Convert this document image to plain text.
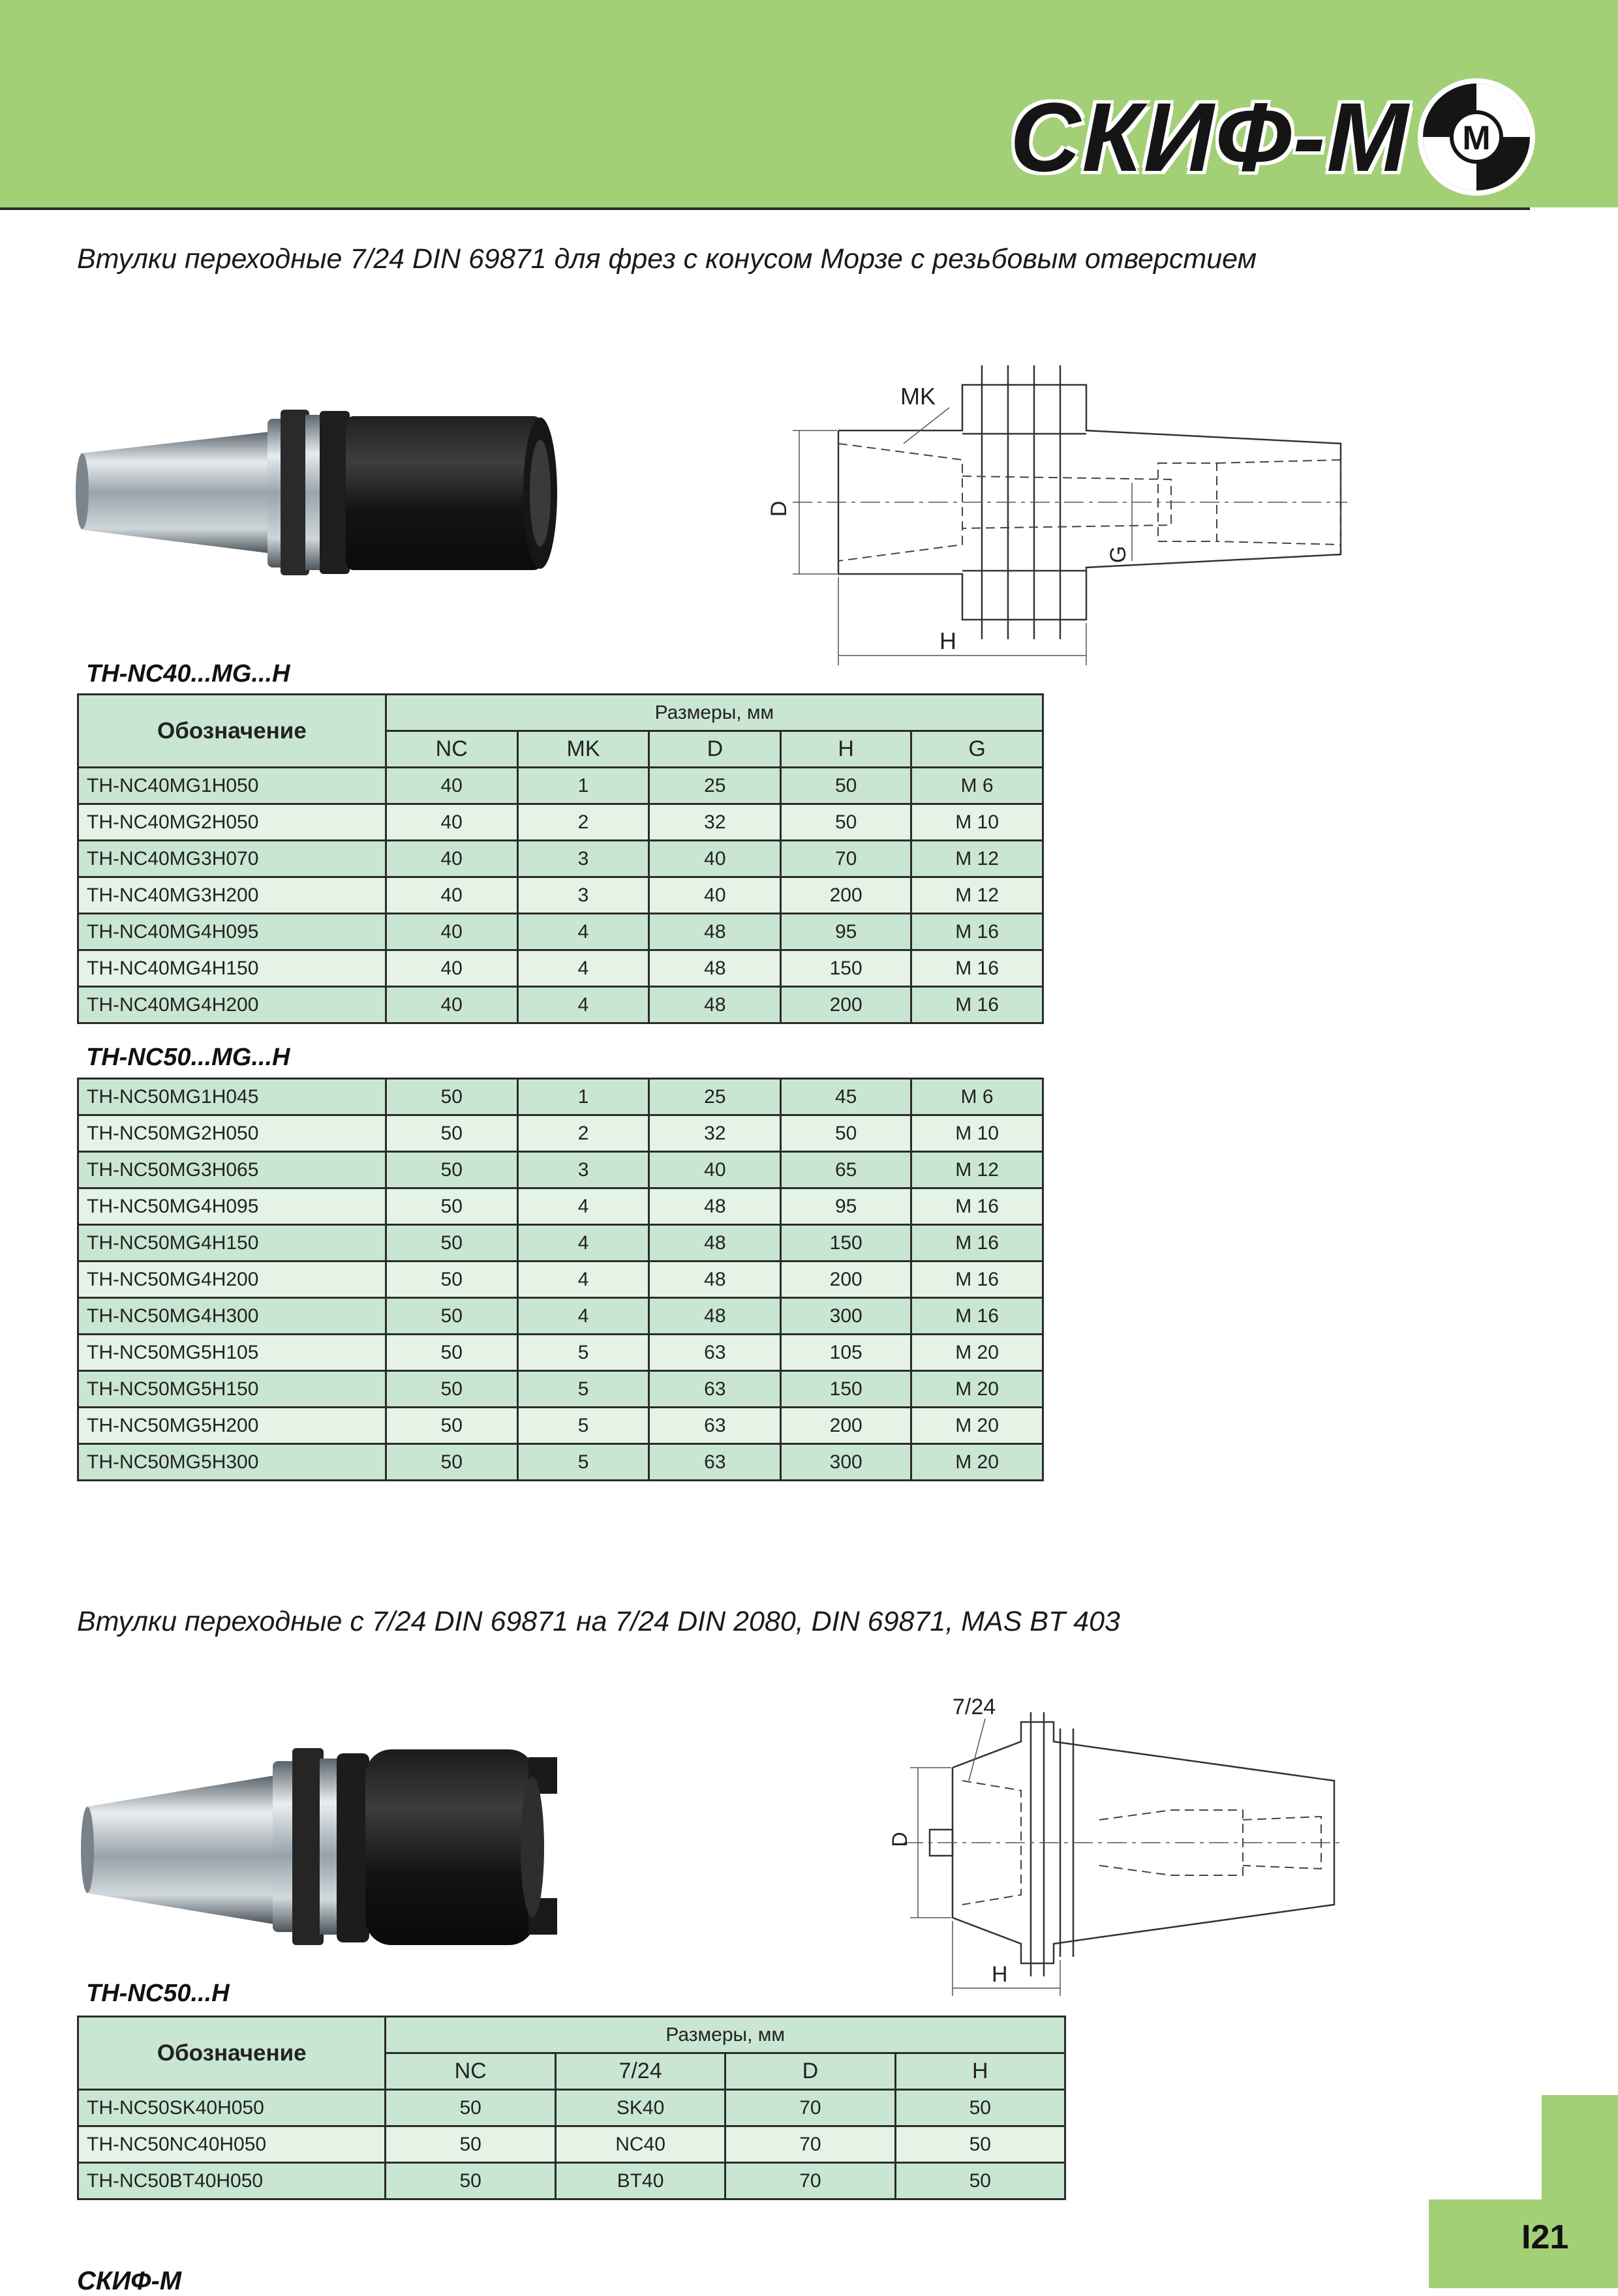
СКИФ-М M
Втулки переходные 7/24 DIN 69871 для фрез с конусом Морзе с резьбовым отверстием
MK
D
G
H
TH-NC40...MG...H
Обозначение	Размеры, мм				
	NC	MK	D	H	G
TH-NC40MG1H050	40	1	25	50	M 6
TH-NC40MG2H050	40	2	32	50	M 10
TH-NC40MG3H070	40	3	40	70	M 12
TH-NC40MG3H200	40	3	40	200	M 12
TH-NC40MG4H095	40	4	48	95	M 16
TH-NC40MG4H150	40	4	48	150	M 16
TH-NC40MG4H200	40	4	48	200	M 16
TH-NC50...MG...H
TH-NC50MG1H045	50	1	25	45	M 6
TH-NC50MG2H050	50	2	32	50	M 10
TH-NC50MG3H065	50	3	40	65	M 12
TH-NC50MG4H095	50	4	48	95	M 16
TH-NC50MG4H150	50	4	48	150	M 16
TH-NC50MG4H200	50	4	48	200	M 16
TH-NC50MG4H300	50	4	48	300	M 16
TH-NC50MG5H105	50	5	63	105	M 20
TH-NC50MG5H150	50	5	63	150	M 20
TH-NC50MG5H200	50	5	63	200	M 20
TH-NC50MG5H300	50	5	63	300	M 20
Втулки переходные с 7/24 DIN 69871 на 7/24 DIN 2080, DIN 69871, MAS BT 403
7/24
D
H
TH-NC50...H
Обозначение	Размеры, мм			
	NC	7/24	D	H
TH-NC50SK40H050	50	SK40	70	50
TH-NC50NC40H050	50	NC40	70	50
TH-NC50BT40H050	50	BT40	70	50
СКИФ-М
I21
